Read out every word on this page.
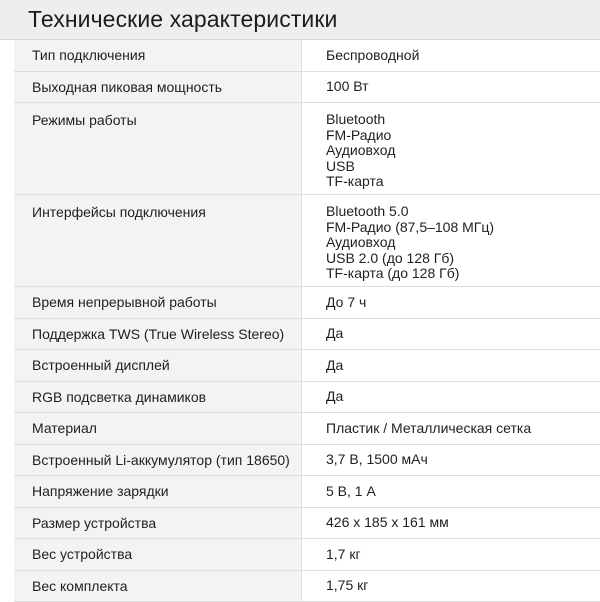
Технические характеристики
Тип подключения	Беспроводной
Выходная пиковая мощность	100 Вт
Режимы работы	Bluetooth
FM-Радио
Аудиовход
USB
TF-карта
Интерфейсы подключения	Bluetooth 5.0
FM-Радио (87,5–108 МГц)
Аудиовход
USB 2.0 (до 128 Гб)
TF-карта (до 128 Гб)
Время непрерывной работы	До 7 ч
Поддержка TWS (True Wireless Stereo)	Да
Встроенный дисплей	Да
RGB подсветка динамиков	Да
Материал	Пластик / Металлическая сетка
Встроенный Li-аккумулятор (тип 18650)	3,7 В, 1500 мАч
Напряжение зарядки	5 В, 1 А
Размер устройства	426 x 185 x 161 мм
Вес устройства	1,7 кг
Вес комплекта	1,75 кг
